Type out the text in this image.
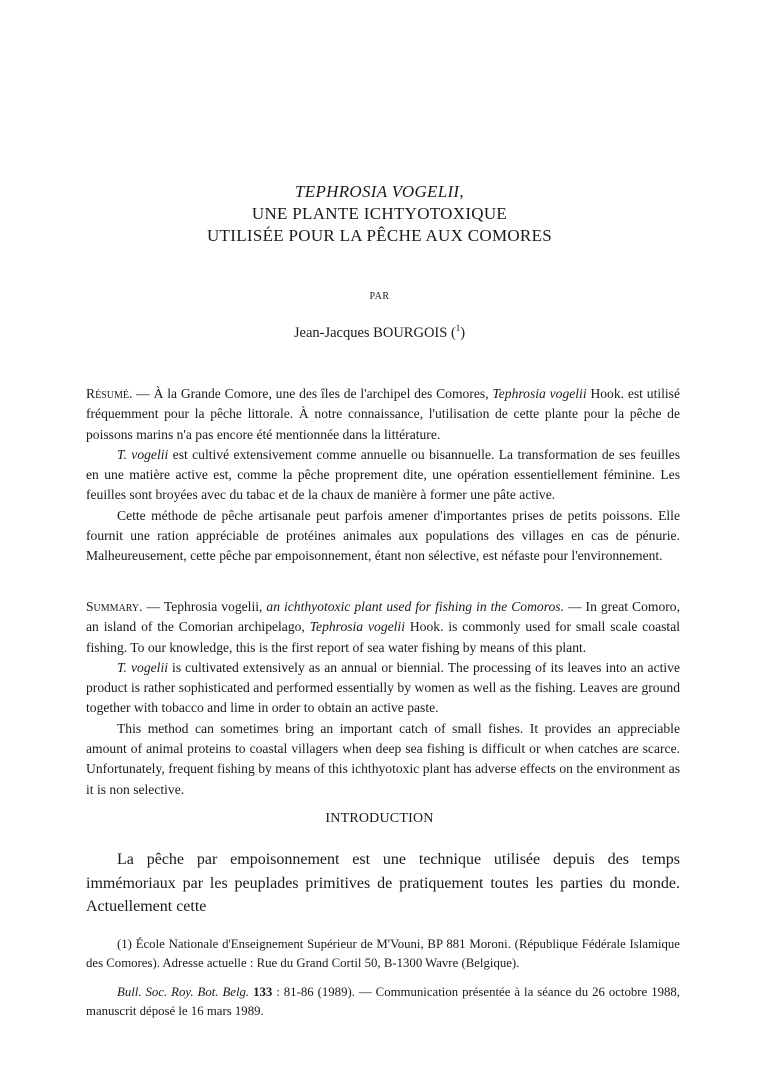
TEPHROSIA VOGELII,
UNE PLANTE ICHTYOTOXIQUE
UTILISÉE POUR LA PÊCHE AUX COMORES
PAR
Jean-Jacques BOURGOIS ($^1$)

Résumé. — À la Grande Comore, une des îles de l'archipel des Comores, Tephrosia vogelii Hook. est utilisé fréquemment pour la pêche littorale. À notre connaissance, l'utilisation de cette plante pour la pêche de poissons marins n'a pas encore été mentionnée dans la littérature.

T. vogelii est cultivé extensivement comme annuelle ou bisannuelle. La transformation de ses feuilles en une matière active est, comme la pêche proprement dite, une opération essentiellement féminine. Les feuilles sont broyées avec du tabac et de la chaux de manière à former une pâte active.

Cette méthode de pêche artisanale peut parfois amener d'importantes prises de petits poissons. Elle fournit une ration appréciable de protéines animales aux populations des villages en cas de pénurie. Malheureusement, cette pêche par empoisonnement, étant non sélective, est néfaste pour l'environnement.

Summary. — Tephrosia vogelii, an ichthyotoxic plant used for fishing in the Comoros. — In great Comoro, an island of the Comorian archipelago, Tephrosia vogelii Hook. is commonly used for small scale coastal fishing. To our knowledge, this is the first report of sea water fishing by means of this plant.

T. vogelii is cultivated extensively as an annual or biennial. The processing of its leaves into an active product is rather sophisticated and performed essentially by women as well as the fishing. Leaves are ground together with tobacco and lime in order to obtain an active paste.

This method can sometimes bring an important catch of small fishes. It provides an appreciable amount of animal proteins to coastal villagers when deep sea fishing is difficult or when catches are scarce. Unfortunately, frequent fishing by means of this ichthyotoxic plant has adverse effects on the environment as it is non selective.

INTRODUCTION

La pêche par empoisonnement est une technique utilisée depuis des temps immémoriaux par les peuplades primitives de pratiquement toutes les parties du monde. Actuellement cette

(1) École Nationale d'Enseignement Supérieur de M'Vouni, BP 881 Moroni. (République Fédérale Islamique des Comores). Adresse actuelle : Rue du Grand Cortil 50, B-1300 Wavre (Belgique).

Bull. Soc. Roy. Bot. Belg. 133 : 81-86 (1989). — Communication présentée à la séance du 26 octobre 1988, manuscrit déposé le 16 mars 1989.
